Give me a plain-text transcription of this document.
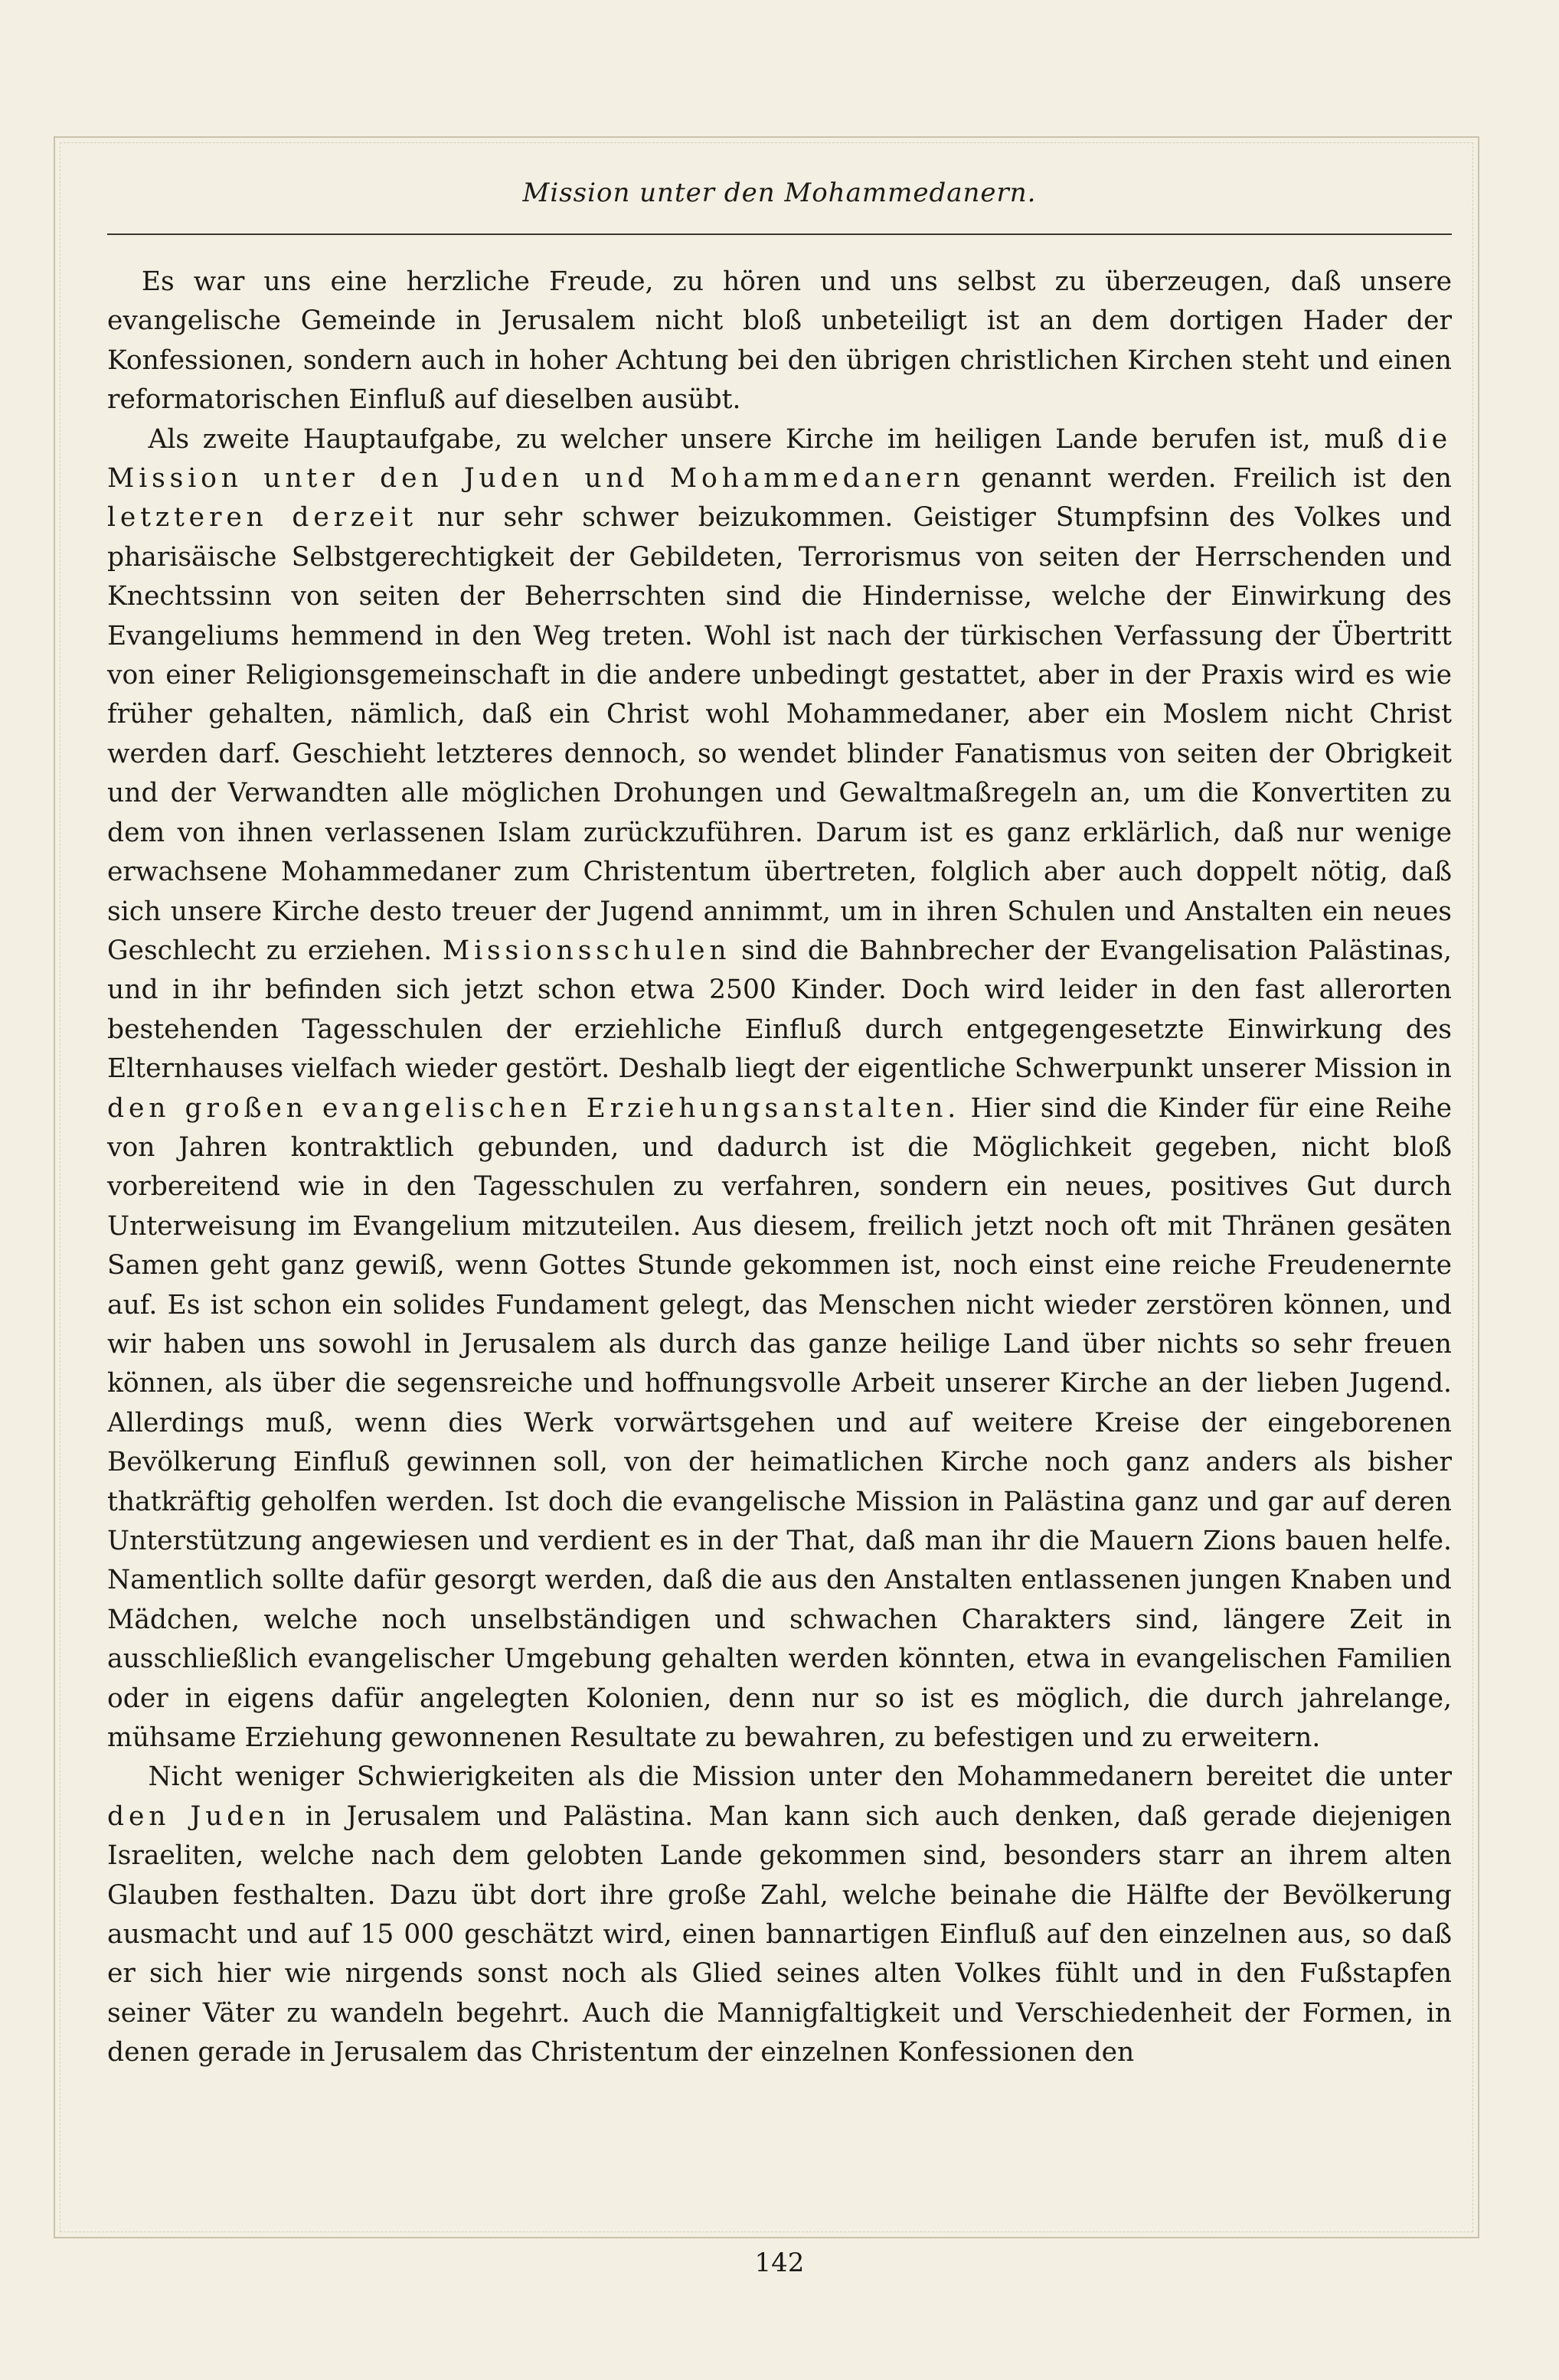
Mission unter den Mohammedanern.

Es war uns eine herzliche Freude, zu hören und uns selbst zu überzeugen, daß unsere evangelische Gemeinde in Jerusalem nicht bloß unbeteiligt ist an dem dortigen Hader der Konfessionen, sondern auch in hoher Achtung bei den übrigen christlichen Kirchen steht und einen reformatorischen Einfluß auf dieselben ausübt.

Als zweite Hauptaufgabe, zu welcher unsere Kirche im heiligen Lande berufen ist, muß die Mission unter den Juden und Mohammedanern genannt werden. Freilich ist den letzteren derzeit nur sehr schwer beizukommen. Geistiger Stumpfsinn des Volkes und pharisäische Selbstgerechtigkeit der Gebildeten, Terrorismus von seiten der Herrschenden und Knechtssinn von seiten der Beherrschten sind die Hindernisse, welche der Einwirkung des Evangeliums hemmend in den Weg treten. Wohl ist nach der türkischen Verfassung der Übertritt von einer Religionsgemeinschaft in die andere unbedingt gestattet, aber in der Praxis wird es wie früher gehalten, nämlich, daß ein Christ wohl Mohammedaner, aber ein Moslem nicht Christ werden darf. Geschieht letzteres dennoch, so wendet blinder Fanatismus von seiten der Obrigkeit und der Verwandten alle möglichen Drohungen und Gewaltmaßregeln an, um die Konvertiten zu dem von ihnen verlassenen Islam zurückzuführen. Darum ist es ganz erklärlich, daß nur wenige erwachsene Mohammedaner zum Christentum übertreten, folglich aber auch doppelt nötig, daß sich unsere Kirche desto treuer der Jugend annimmt, um in ihren Schulen und Anstalten ein neues Geschlecht zu erziehen. Missionsschulen sind die Bahnbrecher der Evangelisation Palästinas, und in ihr befinden sich jetzt schon etwa 2500 Kinder. Doch wird leider in den fast allerorten bestehenden Tagesschulen der erziehliche Einfluß durch entgegengesetzte Einwirkung des Elternhauses vielfach wieder gestört. Deshalb liegt der eigentliche Schwerpunkt unserer Mission in den großen evangelischen Erziehungsanstalten. Hier sind die Kinder für eine Reihe von Jahren kontraktlich gebunden, und dadurch ist die Möglichkeit gegeben, nicht bloß vorbereitend wie in den Tagesschulen zu verfahren, sondern ein neues, positives Gut durch Unterweisung im Evangelium mitzuteilen. Aus diesem, freilich jetzt noch oft mit Thränen gesäten Samen geht ganz gewiß, wenn Gottes Stunde gekommen ist, noch einst eine reiche Freudenernte auf. Es ist schon ein solides Fundament gelegt, das Menschen nicht wieder zerstören können, und wir haben uns sowohl in Jerusalem als durch das ganze heilige Land über nichts so sehr freuen können, als über die segensreiche und hoffnungsvolle Arbeit unserer Kirche an der lieben Jugend. Allerdings muß, wenn dies Werk vorwärtsgehen und auf weitere Kreise der eingeborenen Bevölkerung Einfluß gewinnen soll, von der heimatlichen Kirche noch ganz anders als bisher thatkräftig geholfen werden. Ist doch die evangelische Mission in Palästina ganz und gar auf deren Unterstützung angewiesen und verdient es in der That, daß man ihr die Mauern Zions bauen helfe. Namentlich sollte dafür gesorgt werden, daß die aus den Anstalten entlassenen jungen Knaben und Mädchen, welche noch unselbständigen und schwachen Charakters sind, längere Zeit in ausschließlich evangelischer Umgebung gehalten werden könnten, etwa in evangelischen Familien oder in eigens dafür angelegten Kolonien, denn nur so ist es möglich, die durch jahrelange, mühsame Erziehung gewonnenen Resultate zu bewahren, zu befestigen und zu erweitern.

Nicht weniger Schwierigkeiten als die Mission unter den Mohammedanern bereitet die unter den Juden in Jerusalem und Palästina. Man kann sich auch denken, daß gerade diejenigen Israeliten, welche nach dem gelobten Lande gekommen sind, besonders starr an ihrem alten Glauben festhalten. Dazu übt dort ihre große Zahl, welche beinahe die Hälfte der Bevölkerung ausmacht und auf 15 000 geschätzt wird, einen bannartigen Einfluß auf den einzelnen aus, so daß er sich hier wie nirgends sonst noch als Glied seines alten Volkes fühlt und in den Fußstapfen seiner Väter zu wandeln begehrt. Auch die Mannigfaltigkeit und Verschiedenheit der Formen, in denen gerade in Jerusalem das Christentum der einzelnen Konfessionen den

142
